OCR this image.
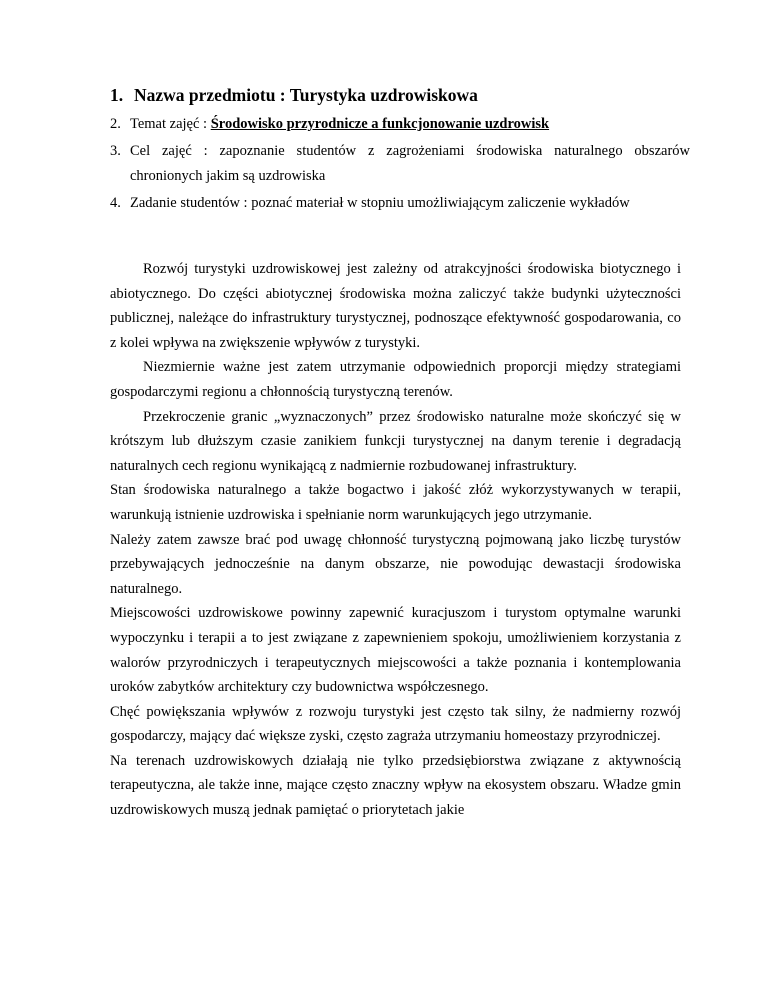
1. Nazwa przedmiotu : Turystyka uzdrowiskowa
2. Temat zajęć : Środowisko przyrodnicze a funkcjonowanie uzdrowisk
3. Cel zajęć : zapoznanie studentów z zagrożeniami środowiska naturalnego obszarów chronionych jakim są uzdrowiska
4. Zadanie studentów : poznać materiał w stopniu umożliwiającym zaliczenie wykładów

Rozwój turystyki uzdrowiskowej jest zależny od atrakcyjności środowiska biotycznego i abiotycznego. Do części abiotycznej środowiska można zaliczyć także budynki użyteczności publicznej, należące do infrastruktury turystycznej, podnoszące efektywność gospodarowania, co z kolei wpływa na zwiększenie wpływów z turystyki.

Niezmiernie ważne jest zatem utrzymanie odpowiednich proporcji między strategiami gospodarczymi regionu a chłonnością turystyczną terenów.

Przekroczenie granic „wyznaczonych” przez środowisko naturalne może skończyć się w krótszym lub dłuższym czasie zanikiem funkcji turystycznej na danym terenie i degradacją naturalnych cech regionu wynikającą z nadmiernie rozbudowanej infrastruktury.

Stan środowiska naturalnego a także bogactwo i jakość złóż wykorzystywanych w terapii, warunkują istnienie uzdrowiska i spełnianie norm warunkujących jego utrzymanie.

Należy zatem zawsze brać pod uwagę chłonność turystyczną pojmowaną jako liczbę turystów przebywających jednocześnie na danym obszarze, nie powodując dewastacji środowiska naturalnego.

Miejscowości uzdrowiskowe powinny zapewnić kuracjuszom i turystom optymalne warunki wypoczynku i terapii a to jest związane z zapewnieniem spokoju, umożliwieniem korzystania z walorów przyrodniczych i terapeutycznych miejscowości a także poznania i kontemplowania uroków zabytków architektury czy budownictwa współczesnego.

Chęć powiększania wpływów z rozwoju turystyki jest często tak silny, że nadmierny rozwój gospodarczy, mający dać większe zyski, często zagraża utrzymaniu homeostazy przyrodniczej.

Na terenach uzdrowiskowych działają nie tylko przedsiębiorstwa związane z aktywnością terapeutyczna, ale także inne, mające często znaczny wpływ na ekosystem obszaru. Władze gmin uzdrowiskowych muszą jednak pamiętać o priorytetach jakie
